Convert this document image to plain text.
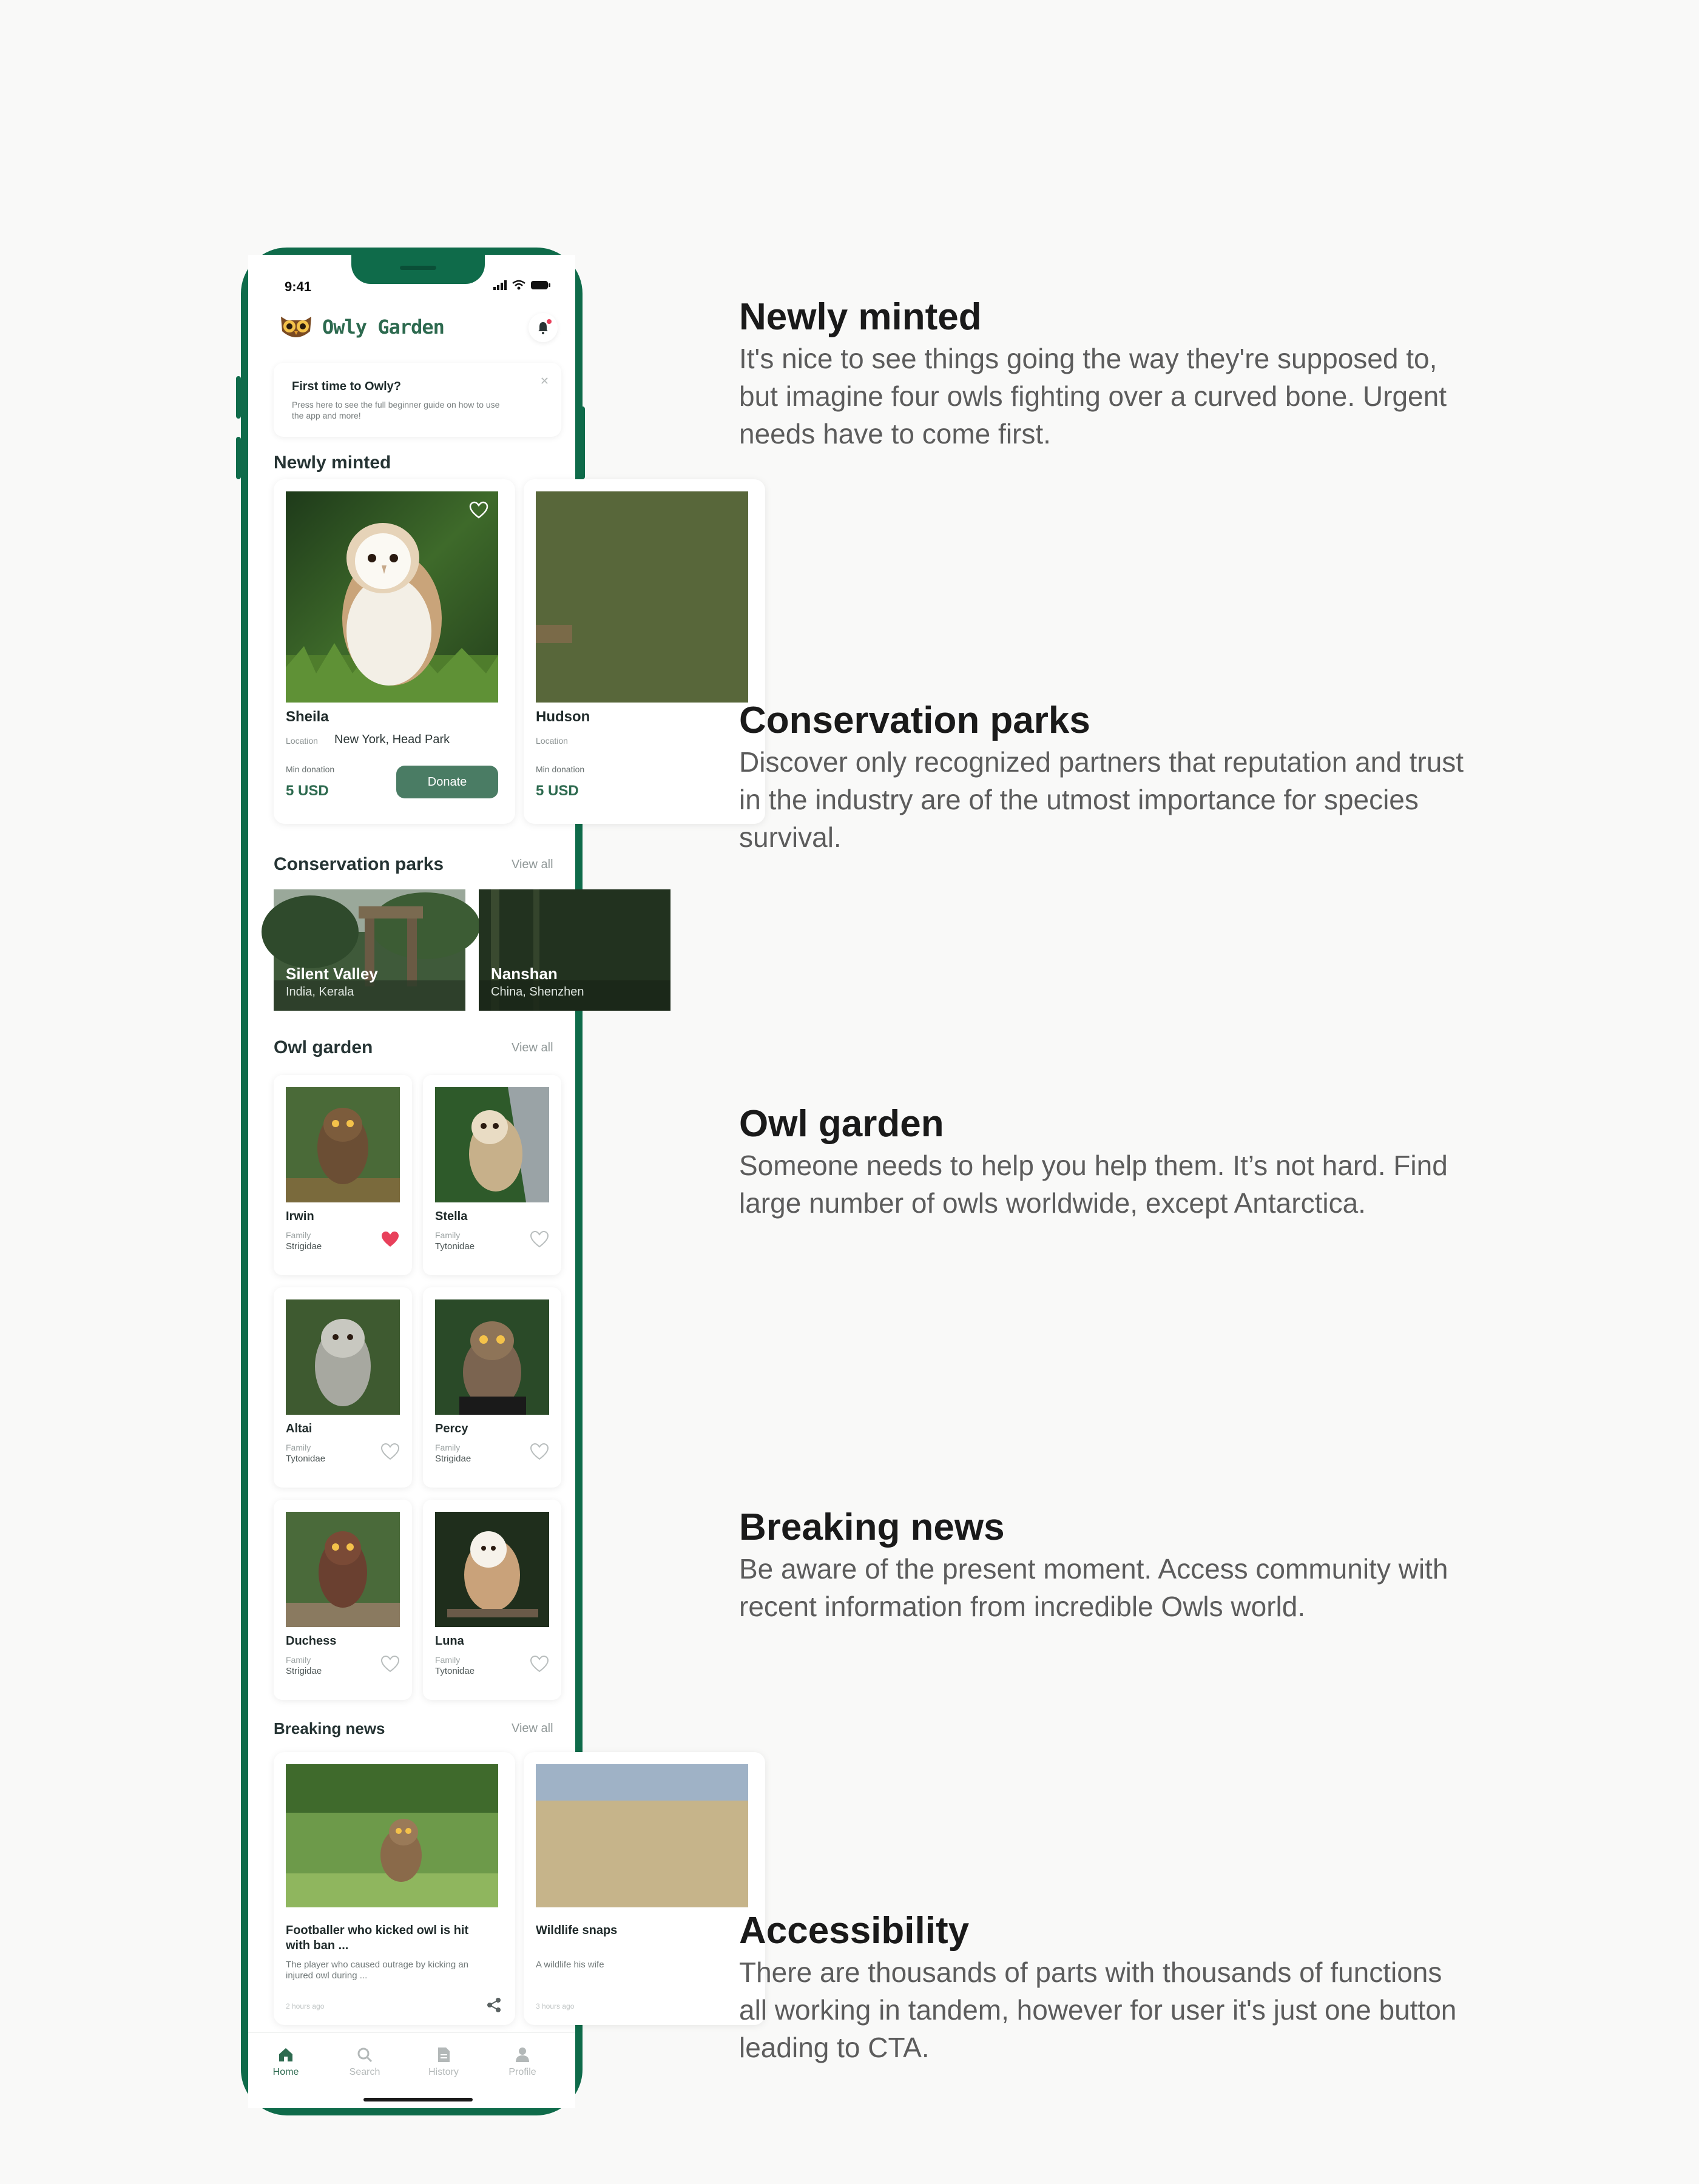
9:41
Owly Garden
First time to Owly?
Press here to see the full beginner guide on how to use the app and more!
✕
Newly minted
Sheila
Location New York, Head Park
Min donation
5 USD
Donate
Hudson
Location
Min donation
5 USD
Conservation parks	View all
Silent Valley
India, Kerala
Nanshan
China, Shenzhen
Owl garden	View all
Irwin
Family
Strigidae
Stella
Family
Tytonidae
Altai
Family
Tytonidae
Percy
Family
Strigidae
Duchess
Family
Strigidae
Luna
Family
Tytonidae
Breaking news	View all
Footballer who kicked owl is hit with ban ...
The player who caused outrage by kicking an injured owl during ...
2 hours ago
Wildlife snaps
A wildlife his wife
3 hours ago
Home	Search	History	Profile
Newly minted

It's nice to see things going the way they're supposed to, but imagine four owls fighting over a curved bone. Urgent needs have to come first.

Conservation parks

Discover only recognized partners that reputation and trust in the industry are of the utmost importance for species survival.

Owl garden

Someone needs to help you help them. It’s not hard. Find large number of owls worldwide, except Antarctica.

Breaking news

Be aware of the present moment. Access community with recent information from incredible Owls world.

Accessibility

There are thousands of parts with thousands of functions all working in tandem, however for user it's just one button leading to CTA.
